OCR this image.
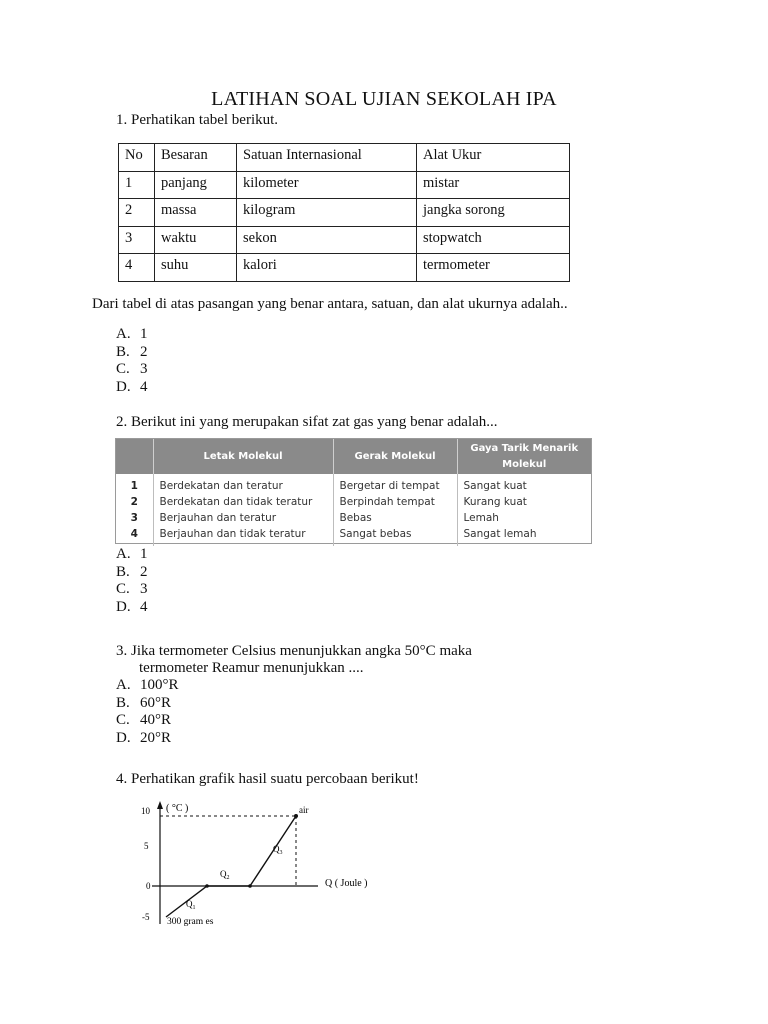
LATIHAN SOAL UJIAN SEKOLAH IPA
1. Perhatikan tabel berikut.
No	Besaran	Satuan Internasional	Alat Ukur
1	panjang	kilometer	mistar
2	massa	kilogram	jangka sorong
3	waktu	sekon	stopwatch
4	suhu	kalori	termometer
Dari tabel di atas pasangan yang benar antara, satuan, dan alat ukurnya adalah..
A. 1
B. 2
C. 3
D. 4
2. Berikut ini yang merupakan sifat zat gas yang benar adalah...
	Letak Molekul	Gerak Molekul	Gaya Tarik Menarik Molekul
1	Berdekatan dan teratur	Bergetar di tempat	Sangat kuat
2	Berdekatan dan tidak teratur	Berpindah tempat	Kurang kuat
3	Berjauhan dan teratur	Bebas	Lemah
4	Berjauhan dan tidak teratur	Sangat bebas	Sangat lemah
A. 1
B. 2
C. 3
D. 4
3. Jika termometer Celsius menunjukkan angka 50°C maka
termometer Reamur menunjukkan ....
A. 100°R
B. 60°R
C. 40°R
D. 20°R
4. Perhatikan grafik hasil suatu percobaan berikut!
10
5
0
-5
( °C )
Q ( Joule )
$Q_1$
$Q_2$
$Q_3$
300 gram es
air
